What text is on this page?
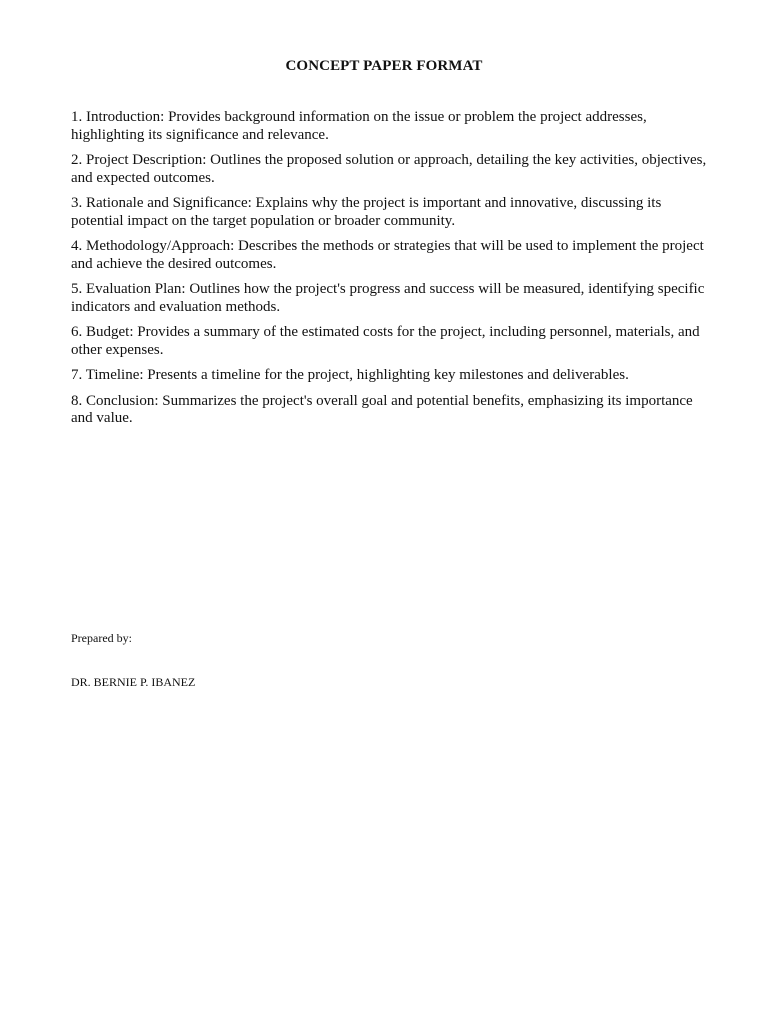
CONCEPT PAPER FORMAT
1. Introduction: Provides background information on the issue or problem the project addresses, highlighting its significance and relevance.
2. Project Description: Outlines the proposed solution or approach, detailing the key activities, objectives, and expected outcomes.
3. Rationale and Significance: Explains why the project is important and innovative, discussing its potential impact on the target population or broader community.
4. Methodology/Approach: Describes the methods or strategies that will be used to implement the project and achieve the desired outcomes.
5. Evaluation Plan: Outlines how the project's progress and success will be measured, identifying specific indicators and evaluation methods.
6. Budget: Provides a summary of the estimated costs for the project, including personnel, materials, and other expenses.
7. Timeline: Presents a timeline for the project, highlighting key milestones and deliverables.
8. Conclusion: Summarizes the project's overall goal and potential benefits, emphasizing its importance and value.
Prepared by:
DR. BERNIE P. IBANEZ
